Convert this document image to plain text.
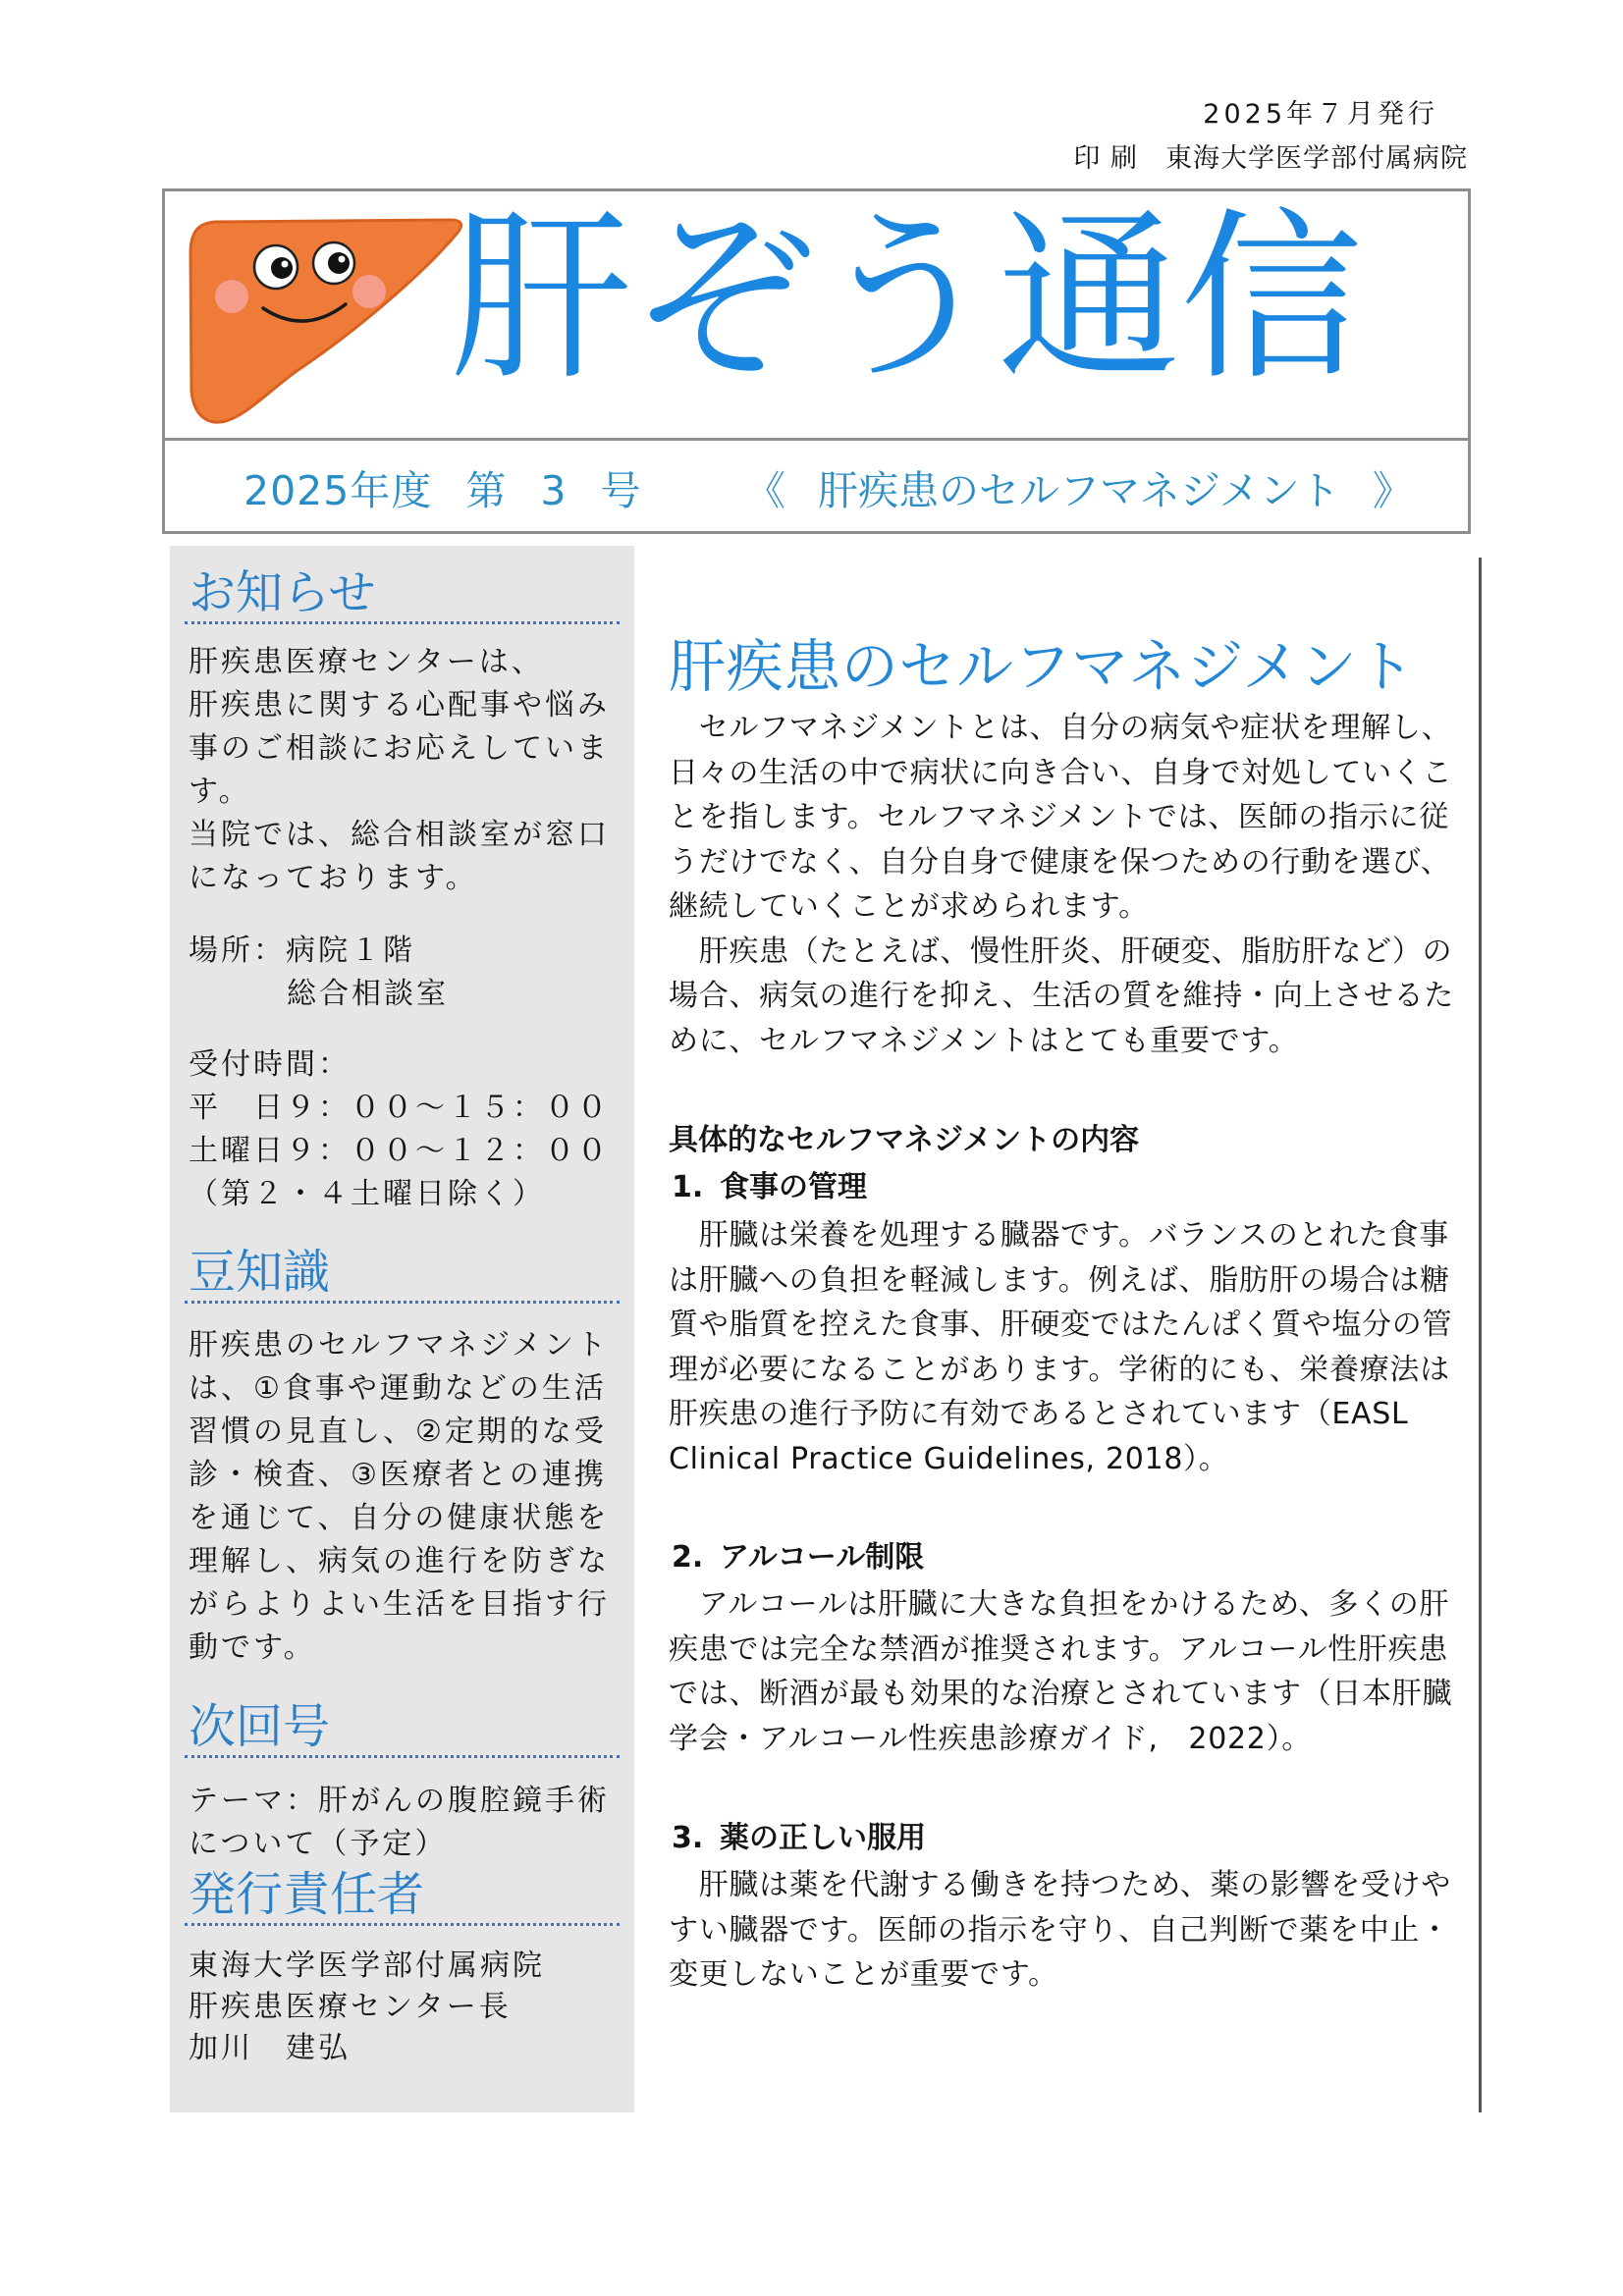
2025年７月発行
印 刷　東海大学医学部付属病院
肝ぞう通信
2025年度 第 3 号	《 肝疾患のセルフマネジメント 》
お知らせ
肝疾患医療センターは、
肝疾患に関する心配事や悩み
事のご相談にお応えしていま
す。
当院では、総合相談室が窓口
になっております。
場所：病院１階
総合相談室
受付時間：
平　日９：００～１５：００
土曜日９：００～１２：００
（第２・４土曜日除く）
豆知識
肝疾患のセルフマネジメント
は、①食事や運動などの生活
習慣の見直し、②定期的な受
診・検査、③医療者との連携
を通じて、自分の健康状態を
理解し、病気の進行を防ぎな
がらよりよい生活を目指す行
動です。
次回号
テーマ：肝がんの腹腔鏡手術
について（予定）
発行責任者
東海大学医学部付属病院
肝疾患医療センター長
加川　建弘
肝疾患のセルフマネジメント
　セルフマネジメントとは、自分の病気や症状を理解し、
日々の生活の中で病状に向き合い、自身で対処していくこ
とを指します。セルフマネジメントでは、医師の指示に従
うだけでなく、自分自身で健康を保つための行動を選び、
継続していくことが求められます。
　肝疾患（たとえば、慢性肝炎、肝硬変、脂肪肝など）の
場合、病気の進行を抑え、生活の質を維持・向上させるた
めに、セルフマネジメントはとても重要です。
具体的なセルフマネジメントの内容
1. 食事の管理
　肝臓は栄養を処理する臓器です。バランスのとれた食事
は肝臓への負担を軽減します。例えば、脂肪肝の場合は糖
質や脂質を控えた食事、肝硬変ではたんぱく質や塩分の管
理が必要になることがあります。学術的にも、栄養療法は
肝疾患の進行予防に有効であるとされています（EASL
Clinical Practice Guidelines, 2018）。
2. アルコール制限
　アルコールは肝臓に大きな負担をかけるため、多くの肝
疾患では完全な禁酒が推奨されます。アルコール性肝疾患
では、断酒が最も効果的な治療とされています（日本肝臓
学会・アルコール性疾患診療ガイド,　2022）。
3. 薬の正しい服用
　肝臓は薬を代謝する働きを持つため、薬の影響を受けや
すい臓器です。医師の指示を守り、自己判断で薬を中止・
変更しないことが重要です。
